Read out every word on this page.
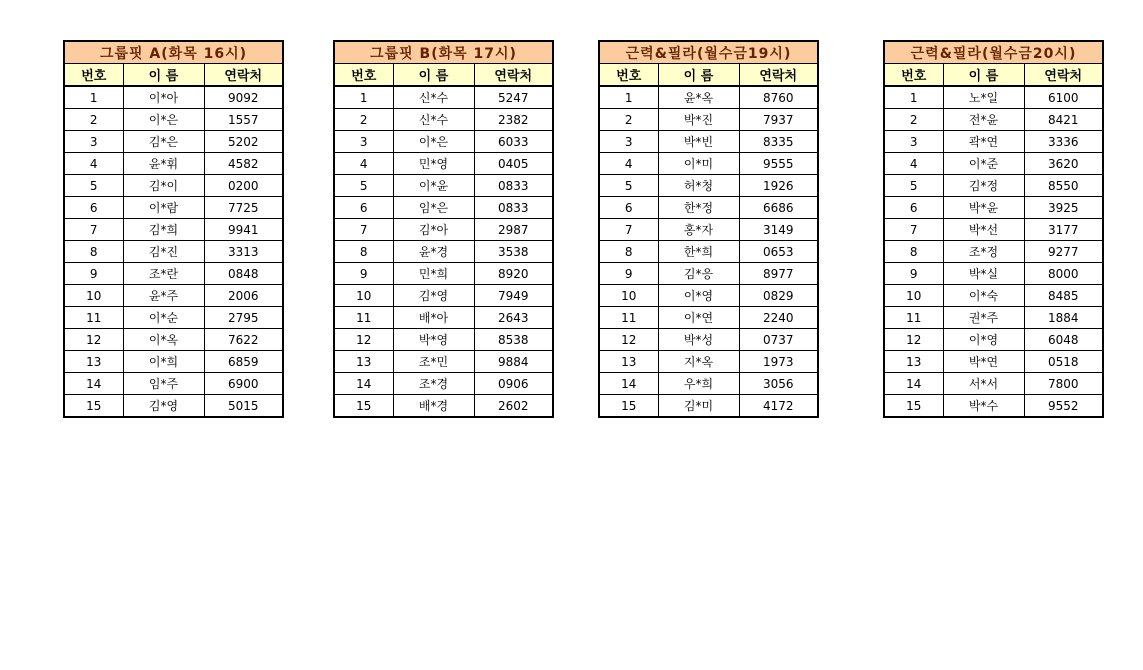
그룹핏 A(화목 16시)		
번호	이 름	연락처
1	이*아	9092
2	이*은	1557
3	김*은	5202
4	윤*휘	4582
5	김*이	0200
6	이*람	7725
7	김*희	9941
8	김*진	3313
9	조*란	0848
10	윤*주	2006
11	이*순	2795
12	이*옥	7622
13	이*희	6859
14	임*주	6900
15	김*영	5015
그룹핏 B(화목 17시)		
번호	이 름	연락처
1	신*수	5247
2	신*수	2382
3	이*은	6033
4	민*영	0405
5	이*윤	0833
6	임*은	0833
7	김*아	2987
8	윤*경	3538
9	민*희	8920
10	김*영	7949
11	배*아	2643
12	박*영	8538
13	조*민	9884
14	조*경	0906
15	배*경	2602
근력&필라(월수금19시)		
번호	이 름	연락처
1	윤*옥	8760
2	박*진	7937
3	박*빈	8335
4	이*미	9555
5	허*청	1926
6	한*정	6686
7	홍*자	3149
8	한*희	0653
9	김*응	8977
10	이*영	0829
11	이*연	2240
12	박*성	0737
13	지*옥	1973
14	우*희	3056
15	김*미	4172
근력&필라(월수금20시)		
번호	이 름	연락처
1	노*일	6100
2	전*윤	8421
3	곽*연	3336
4	이*준	3620
5	김*정	8550
6	박*윤	3925
7	박*선	3177
8	조*정	9277
9	박*실	8000
10	이*숙	8485
11	권*주	1884
12	이*영	6048
13	박*연	0518
14	서*서	7800
15	박*수	9552
